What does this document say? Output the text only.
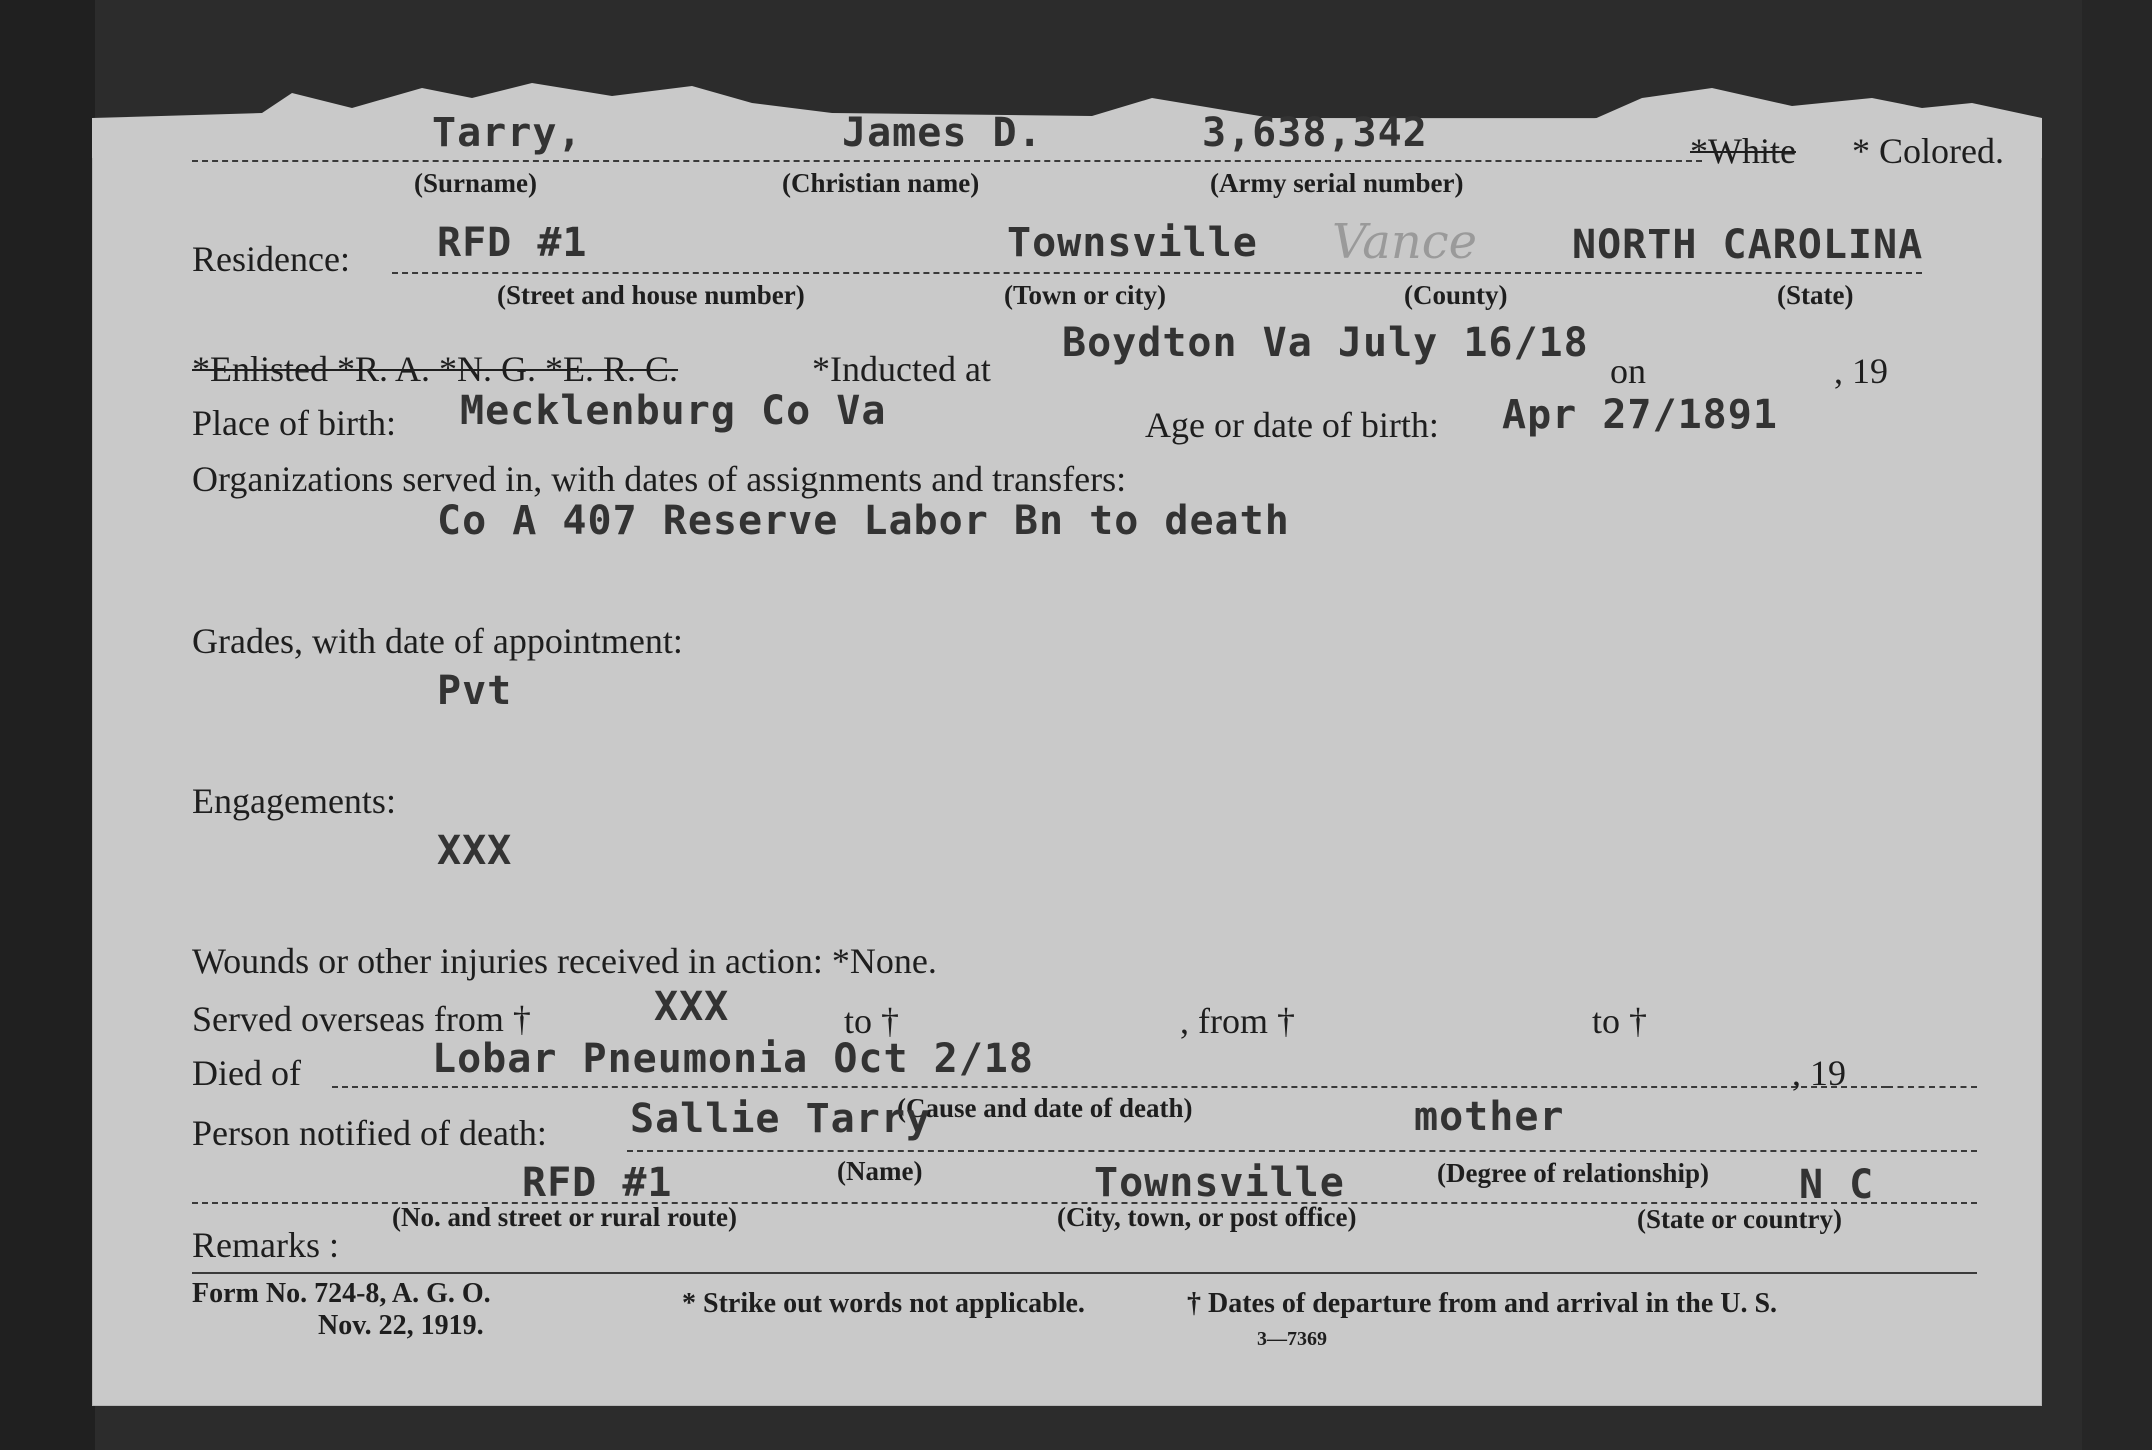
Tarry,	James D.	3,638,342	*White * Colored.
(Surname)	(Christian name)	(Army serial number)
Residence: RFD #1	Townsville Vance NORTH CAROLINA
(Street and house number)	(Town or city)	(County)	(State)
*Enlisted *R. A. *N. G. *E. R. C.	*Inducted at
Boydton Va July 16/18
on	, 19
Place of birth: Mecklenburg Co Va	Age or date of birth: Apr 27/1891
Organizations served in, with dates of assignments and transfers:
Co A 407 Reserve Labor Bn to death
Grades, with date of appointment:
Pvt
Engagements:
XXX
Wounds or other injuries received in action: *None.
Served overseas from †	XXX	to †	, from †	to †
Died of	Lobar Pneumonia Oct 2/18	, 19
(Cause and date of death)
Person notified of death: Sallie Tarry	mother
(Name)	(Degree of relationship)
RFD #1	Townsville	N C
(No. and street or rural route)	(City, town, or post office)	(State or country)
Remarks :
Form No. 724-8, A. G. O.
Nov. 22, 1919.
* Strike out words not applicable.	† Dates of departure from and arrival in the U. S.
3—7369
